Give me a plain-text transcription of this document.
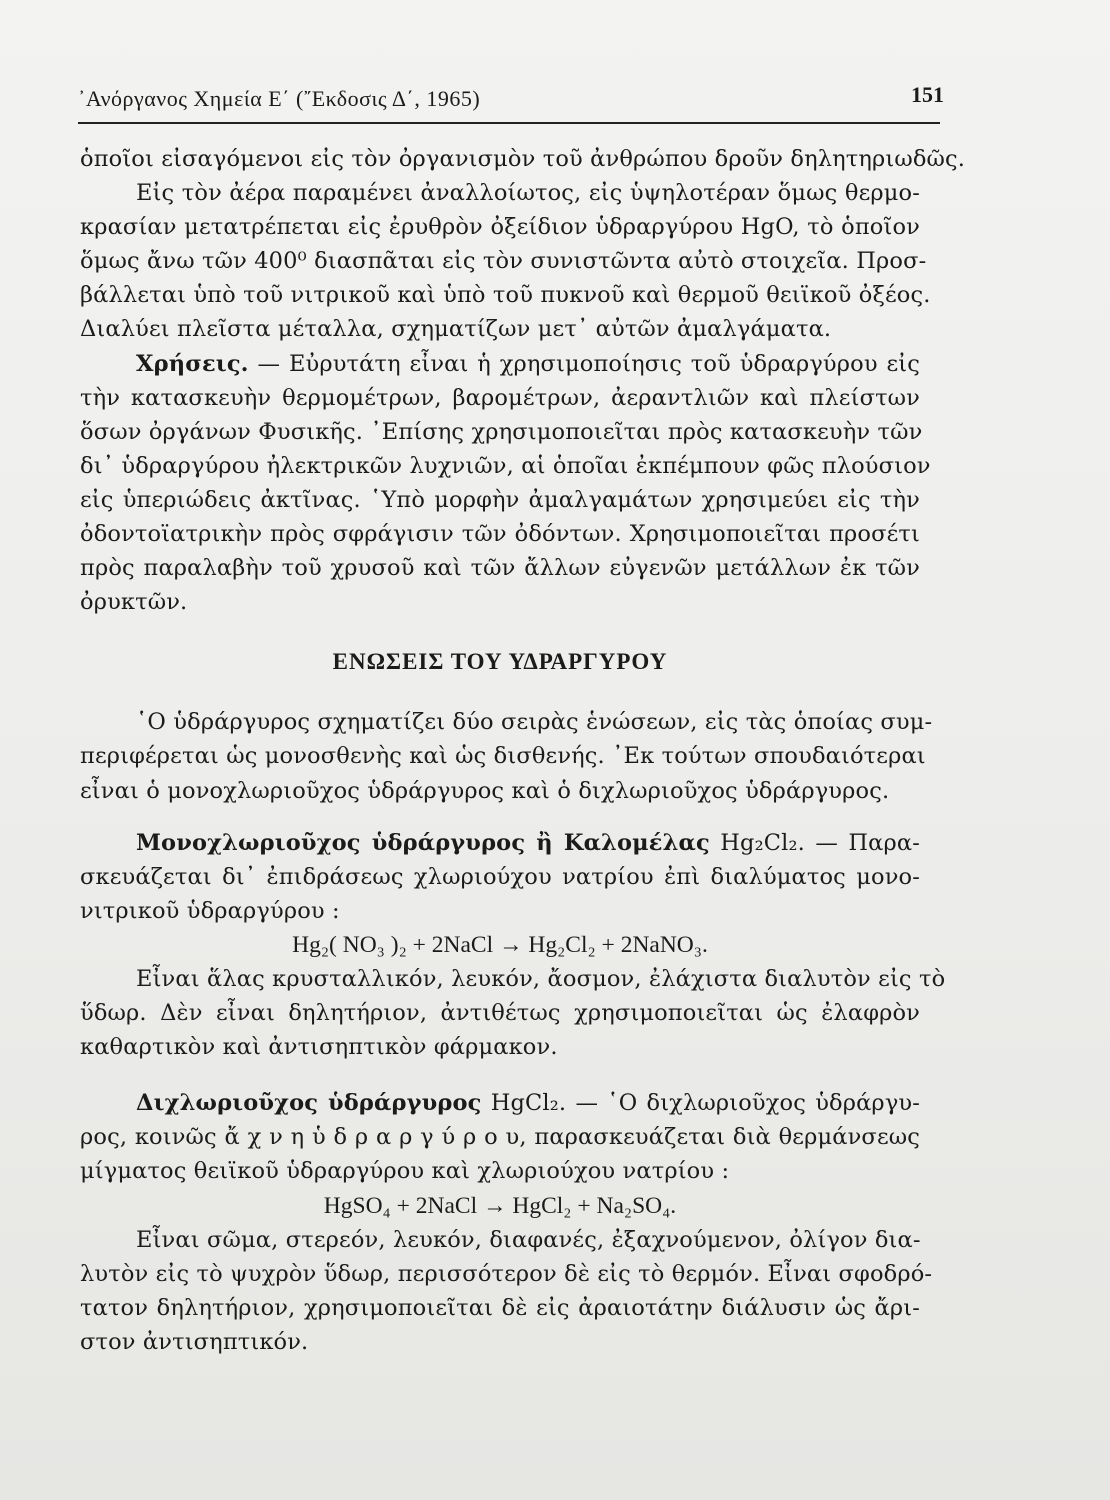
᾿Ανόργανος Χημεία Ε΄ (῎Εκδοσις Δ΄, 1965)	151
ὁποῖοι εἰσαγόμενοι εἰς τὸν ὀργανισμὸν τοῦ ἀνθρώπου δροῦν δηλητηριωδῶς.
Εἰς τὸν ἀέρα παραμένει ἀναλλοίωτος, εἰς ὑψηλοτέραν ὅμως θερμο-
κρασίαν μετατρέπεται εἰς ἐρυθρὸν ὀξείδιον ὑδραργύρου HgO, τὸ ὁποῖον
ὅμως ἄνω τῶν 400⁰ διασπᾶται εἰς τὸν συνιστῶντα αὐτὸ στοιχεῖα. Προσ-
βάλλεται ὑπὸ τοῦ νιτρικοῦ καὶ ὑπὸ τοῦ πυκνοῦ καὶ θερμοῦ θειϊκοῦ ὀξέος.
Διαλύει πλεῖστα μέταλλα, σχηματίζων μετ᾿ αὐτῶν ἀμαλγάματα.
Χρήσεις. — Εὐρυτάτη εἶναι ἡ χρησιμοποίησις τοῦ ὑδραργύρου εἰς
τὴν κατασκευὴν θερμομέτρων, βαρομέτρων, ἀεραντλιῶν καὶ πλείστων
ὅσων ὀργάνων Φυσικῆς. ᾿Επίσης χρησιμοποιεῖται πρὸς κατασκευὴν τῶν
δι᾿ ὑδραργύρου ἠλεκτρικῶν λυχνιῶν, αἱ ὁποῖαι ἐκπέμπουν φῶς πλούσιον
εἰς ὑπεριώδεις ἀκτῖνας. ῾Υπὸ μορφὴν ἀμαλγαμάτων χρησιμεύει εἰς τὴν
ὀδοντοϊατρικὴν πρὸς σφράγισιν τῶν ὀδόντων. Χρησιμοποιεῖται προσέτι
πρὸς παραλαβὴν τοῦ χρυσοῦ καὶ τῶν ἄλλων εὐγενῶν μετάλλων ἐκ τῶν
ὀρυκτῶν.
ΕΝΩΣΕΙΣ ΤΟΥ ΥΔΡΑΡΓΥΡΟΥ
῾Ο ὑδράργυρος σχηματίζει δύο σειρὰς ἑνώσεων, εἰς τὰς ὁποίας συμ-
περιφέρεται ὡς μονοσθενὴς καὶ ὡς δισθενής. ᾿Εκ τούτων σπουδαιότεραι
εἶναι ὁ μονοχλωριοῦχος ὑδράργυρος καὶ ὁ διχλωριοῦχος ὑδράργυρος.
Μονοχλωριοῦχος ὑδράργυρος ἢ Καλομέλας Hg₂Cl₂. — Παρα-
σκευάζεται δι᾿ ἐπιδράσεως χλωριούχου νατρίου ἐπὶ διαλύματος μονο-
νιτρικοῦ ὑδραργύρου :
Hg₂( NO₃ )₂ + 2NaCl → Hg₂Cl₂ + 2NaNO₃.
Εἶναι ἅλας κρυσταλλικόν, λευκόν, ἄοσμον, ἐλάχιστα διαλυτὸν εἰς τὸ
ὕδωρ. Δὲν εἶναι δηλητήριον, ἀντιθέτως χρησιμοποιεῖται ὡς ἐλαφρὸν
καθαρτικὸν καὶ ἀντισηπτικὸν φάρμακον.
Διχλωριοῦχος ὑδράργυρος HgCl₂. — ῾Ο διχλωριοῦχος ὑδράργυ-
ρος, κοινῶς ἄ χ ν η ὑ δ ρ α ρ γ ύ ρ ο υ, παρασκευάζεται διὰ θερμάνσεως
μίγματος θειϊκοῦ ὑδραργύρου καὶ χλωριούχου νατρίου :
HgSO₄ + 2NaCl → HgCl₂ + Na₂SO₄.
Εἶναι σῶμα, στερεόν, λευκόν, διαφανές, ἐξαχνούμενον, ὀλίγον δια-
λυτὸν εἰς τὸ ψυχρὸν ὕδωρ, περισσότερον δὲ εἰς τὸ θερμόν. Εἶναι σφοδρό-
τατον δηλητήριον, χρησιμοποιεῖται δὲ εἰς ἀραιοτάτην διάλυσιν ὡς ἄρι-
στον ἀντισηπτικόν.
